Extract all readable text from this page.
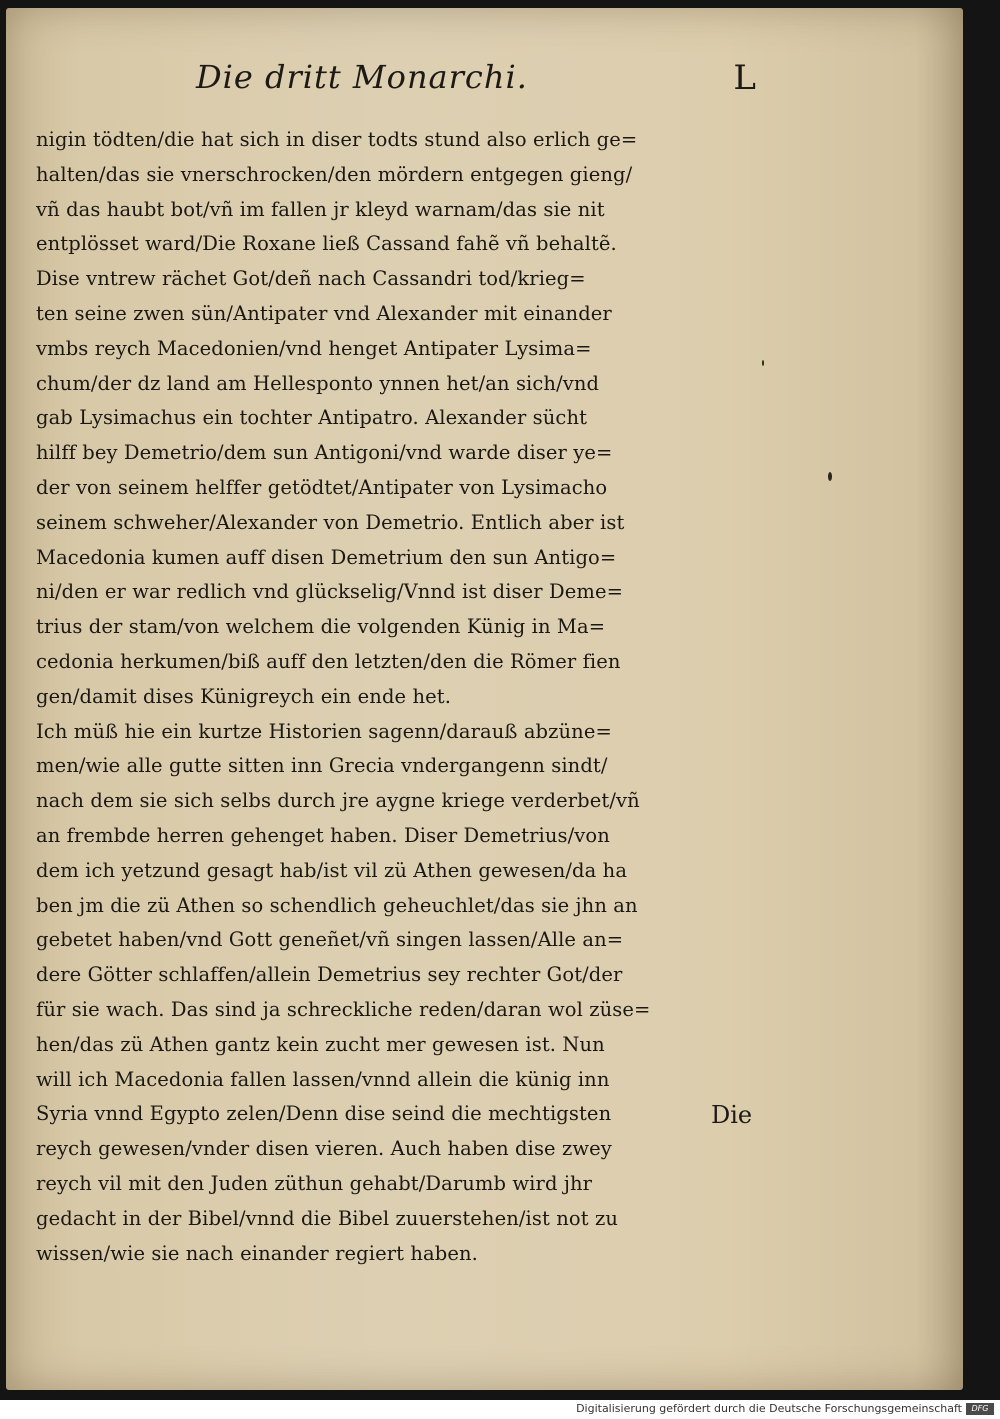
Die dritt Monarchi.	L
nigin tödten/die hat sich in diser todts stund also erlich ge=
halten/das sie vnerschrocken/den mördern entgegen gieng/
vñ das haubt bot/vñ im fallen jr kleyd warnam/das sie nit
entplösset ward/Die Roxane ließ Cassand fahẽ vñ behaltẽ.
Dise vntrew rächet Got/deñ nach Cassandri tod/krieg=
ten seine zwen sün/Antipater vnd Alexander mit einander
vmbs reych Macedonien/vnd henget Antipater Lysima=
chum/der dz land am Hellesponto ynnen het/an sich/vnd
gab Lysimachus ein tochter Antipatro. Alexander sücht
hilff bey Demetrio/dem sun Antigoni/vnd warde diser ye=
der von seinem helffer getödtet/Antipater von Lysimacho
seinem schweher/Alexander von Demetrio. Entlich aber ist
Macedonia kumen auff disen Demetrium den sun Antigo=
ni/den er war redlich vnd glückselig/Vnnd ist diser Deme=
trius der stam/von welchem die volgenden Künig in Ma=
cedonia herkumen/biß auff den letzten/den die Römer fien
gen/damit dises Künigreych ein ende het.
Ich müß hie ein kurtze Historien sagenn/darauß abzüne=
men/wie alle gutte sitten inn Grecia vndergangenn sindt/
nach dem sie sich selbs durch jre aygne kriege verderbet/vñ
an frembde herren gehenget haben. Diser Demetrius/von
dem ich yetzund gesagt hab/ist vil zü Athen gewesen/da ha
ben jm die zü Athen so schendlich geheuchlet/das sie jhn an
gebetet haben/vnd Gott geneñet/vñ singen lassen/Alle an=
dere Götter schlaffen/allein Demetrius sey rechter Got/der
für sie wach. Das sind ja schreckliche reden/daran wol züse=
hen/das zü Athen gantz kein zucht mer gewesen ist. Nun
will ich Macedonia fallen lassen/vnnd allein die künig inn
Syria vnnd Egypto zelen/Denn dise seind die mechtigsten
reych gewesen/vnder disen vieren. Auch haben dise zwey
reych vil mit den Juden züthun gehabt/Darumb wird jhr
gedacht in der Bibel/vnnd die Bibel zuuerstehen/ist not zu
wissen/wie sie nach einander regiert haben.
Die
Digitalisierung gefördert durch die Deutsche Forschungsgemeinschaft	DFG
